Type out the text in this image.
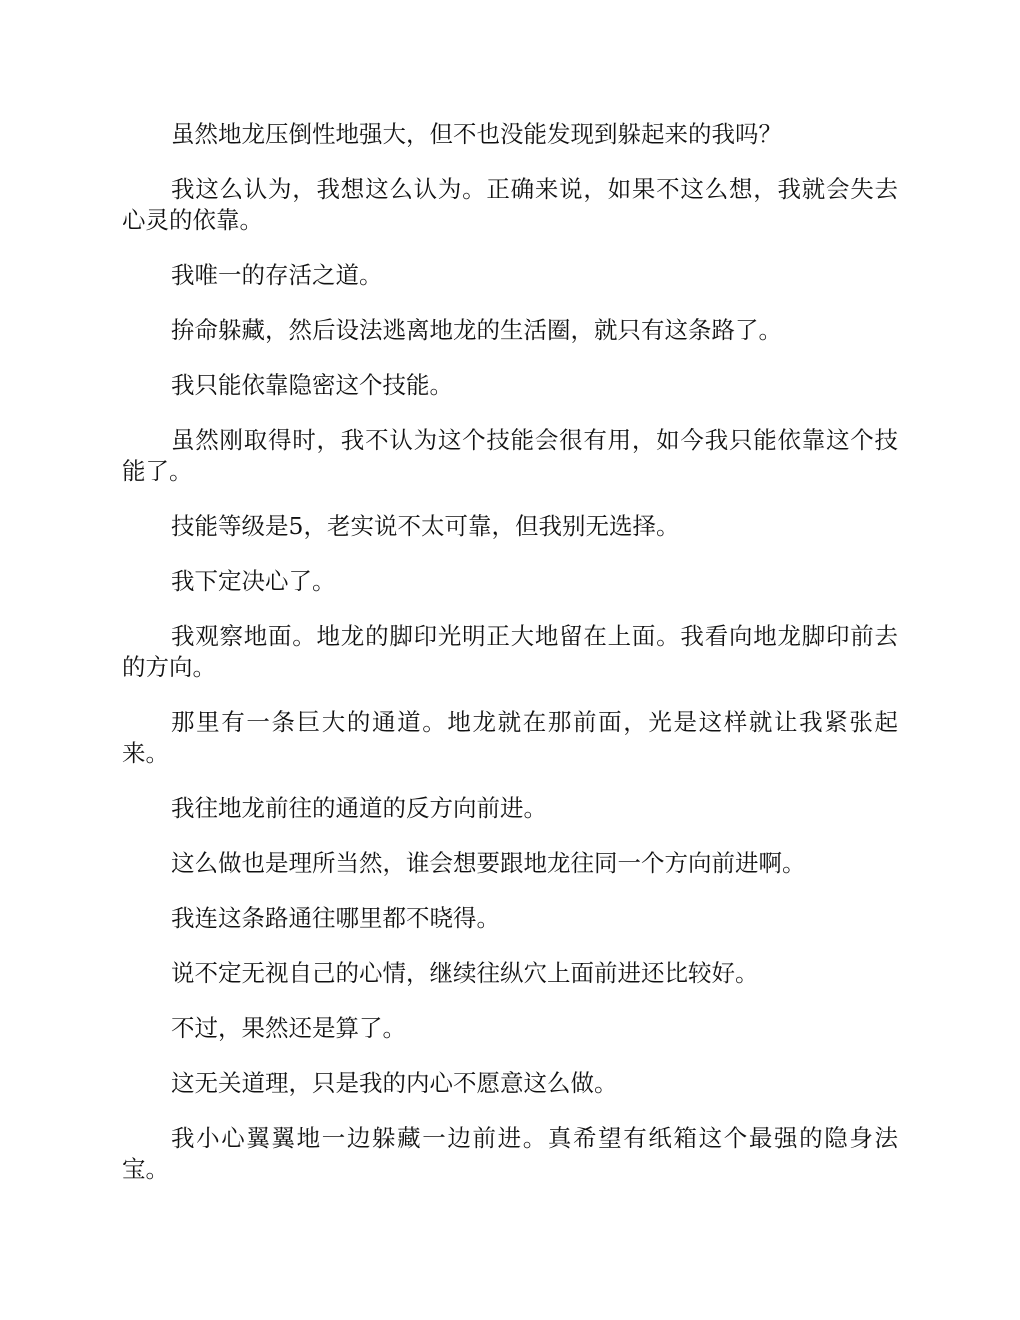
虽然地龙压倒性地强大，但不也没能发现到躲起来的我吗？

我这么认为，我想这么认为。正确来说，如果不这么想，我就会失去心灵的依靠。

我唯一的存活之道。

拚命躲藏，然后设法逃离地龙的生活圈，就只有这条路了。

我只能依靠隐密这个技能。

虽然刚取得时，我不认为这个技能会很有用，如今我只能依靠这个技能了。

技能等级是5，老实说不太可靠，但我别无选择。

我下定决心了。

我观察地面。地龙的脚印光明正大地留在上面。我看向地龙脚印前去的方向。

那里有一条巨大的通道。地龙就在那前面，光是这样就让我紧张起来。

我往地龙前往的通道的反方向前进。

这么做也是理所当然，谁会想要跟地龙往同一个方向前进啊。

我连这条路通往哪里都不晓得。

说不定无视自己的心情，继续往纵穴上面前进还比较好。

不过，果然还是算了。

这无关道理，只是我的内心不愿意这么做。

我小心翼翼地一边躲藏一边前进。真希望有纸箱这个最强的隐身法宝。
